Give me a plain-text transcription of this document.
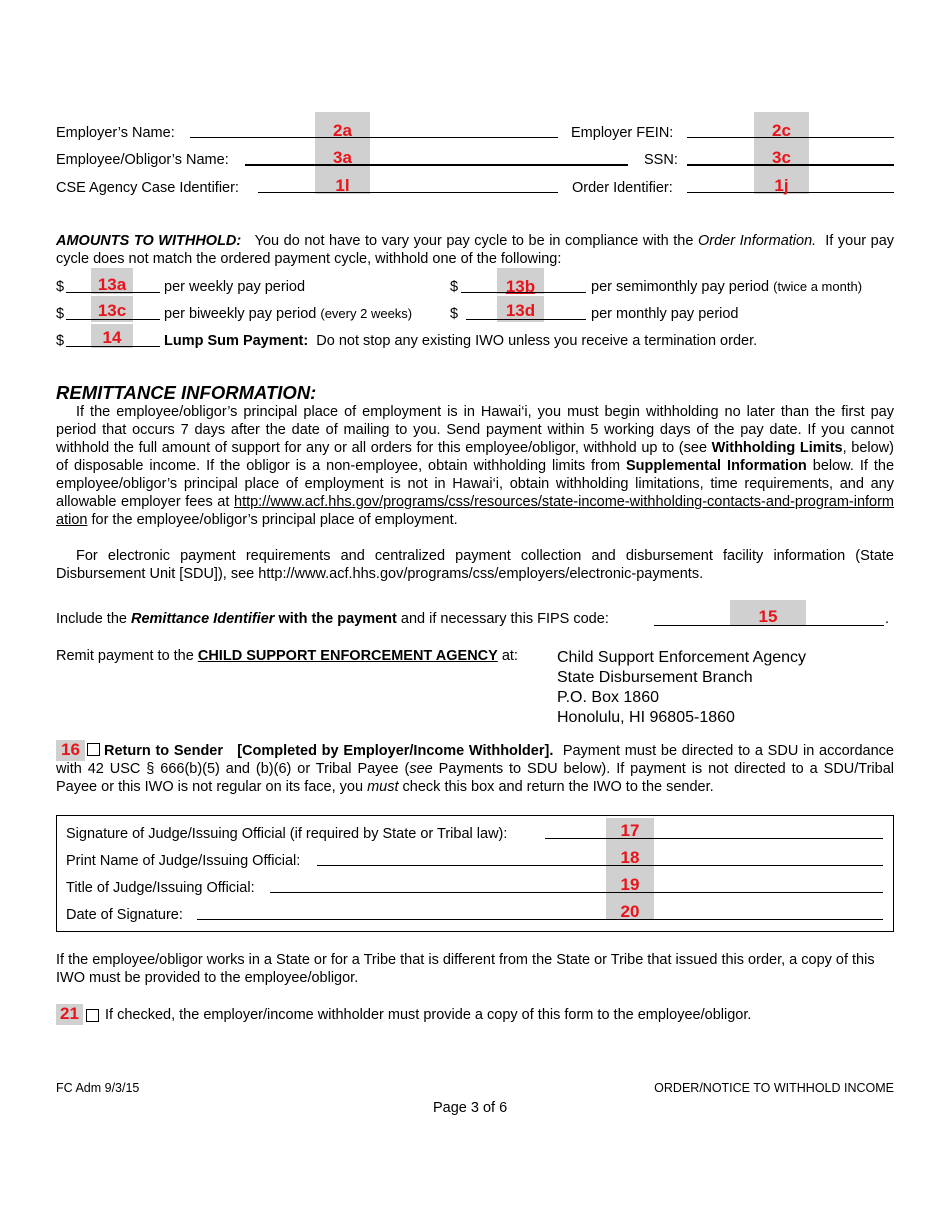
Employer’s Name:	2a	Employer FEIN:	2c
Employee/Obligor’s Name:	3a	SSN:	3c
CSE Agency Case Identifier:	1l	Order Identifier:	1j
AMOUNTS TO WITHHOLD: You do not have to vary your pay cycle to be in compliance with the Order Information. If your pay cycle does not match the ordered payment cycle, withhold one of the following:
$	13a	per weekly pay period	$	13b	per semimonthly pay period (twice a month)
$	13c	per biweekly pay period (every 2 weeks)	$	13d	per monthly pay period
$	14	Lump Sum Payment: Do not stop any existing IWO unless you receive a termination order.
REMITTANCE INFORMATION:
If the employee/obligor’s principal place of employment is in Hawai‘i, you must begin withholding no later than the first pay period that occurs 7 days after the date of mailing to you. Send payment within 5 working days of the pay date. If you cannot withhold the full amount of support for any or all orders for this employee/obligor, withhold up to (see Withholding Limits, below) of disposable income. If the obligor is a non-employee, obtain withholding limits from Supplemental Information below. If the employee/obligor’s principal place of employment is not in Hawai‘i, obtain withholding limitations, time requirements, and any allowable employer fees at http://www.acf.hhs.gov/programs/css/resources/state-income-withholding-contacts-and-program-information for the employee/obligor’s principal place of employment.
For electronic payment requirements and centralized payment collection and disbursement facility information (State Disbursement Unit [SDU]), see http://www.acf.hhs.gov/programs/css/employers/electronic-payments.
Include the Remittance Identifier with the payment and if necessary this FIPS code:	15	.
Remit payment to the CHILD SUPPORT ENFORCEMENT AGENCY at: Child Support Enforcement Agency
State Disbursement Branch
P.O. Box 1860
Honolulu, HI 96805-1860
16	Return to Sender [Completed by Employer/Income Withholder]. Payment must be directed to a SDU in accordance with 42 USC § 666(b)(5) and (b)(6) or Tribal Payee (see Payments to SDU below). If payment is not directed to a SDU/Tribal Payee or this IWO is not regular on its face, you must check this box and return the IWO to the sender.
Signature of Judge/Issuing Official (if required by State or Tribal law):	17
Print Name of Judge/Issuing Official:	18
Title of Judge/Issuing Official:	19
Date of Signature:	20
If the employee/obligor works in a State or for a Tribe that is different from the State or Tribe that issued this order, a copy of this IWO must be provided to the employee/obligor.
21 If checked, the employer/income withholder must provide a copy of this form to the employee/obligor.
FC Adm 9/3/15	ORDER/NOTICE TO WITHHOLD INCOME
Page 3 of 6
